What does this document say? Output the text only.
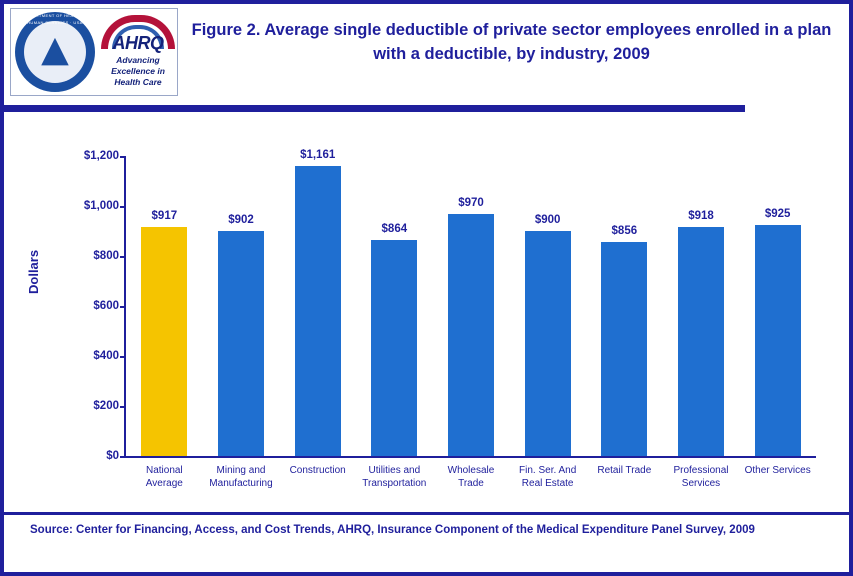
▲
DEPARTMENT OF HEALTH & HUMAN SERVICES · USA
AHRQ
Advancing Excellence in Health Care
Figure 2. Average single deductible of private sector employees enrolled in a plan with a deductible, by industry, 2009
Dollars
$0
$200
$400
$600
$800
$1,000
$1,200
$917
National
Average
$902
Mining and
Manufacturing
$1,161
Construction
$864
Utilities and
Transportation
$970
Wholesale
Trade
$900
Fin. Ser. And
Real Estate
$856
Retail Trade
$918
Professional
Services
$925
Other Services
Source: Center for Financing, Access, and Cost Trends, AHRQ, Insurance Component of the Medical Expenditure Panel Survey, 2009
